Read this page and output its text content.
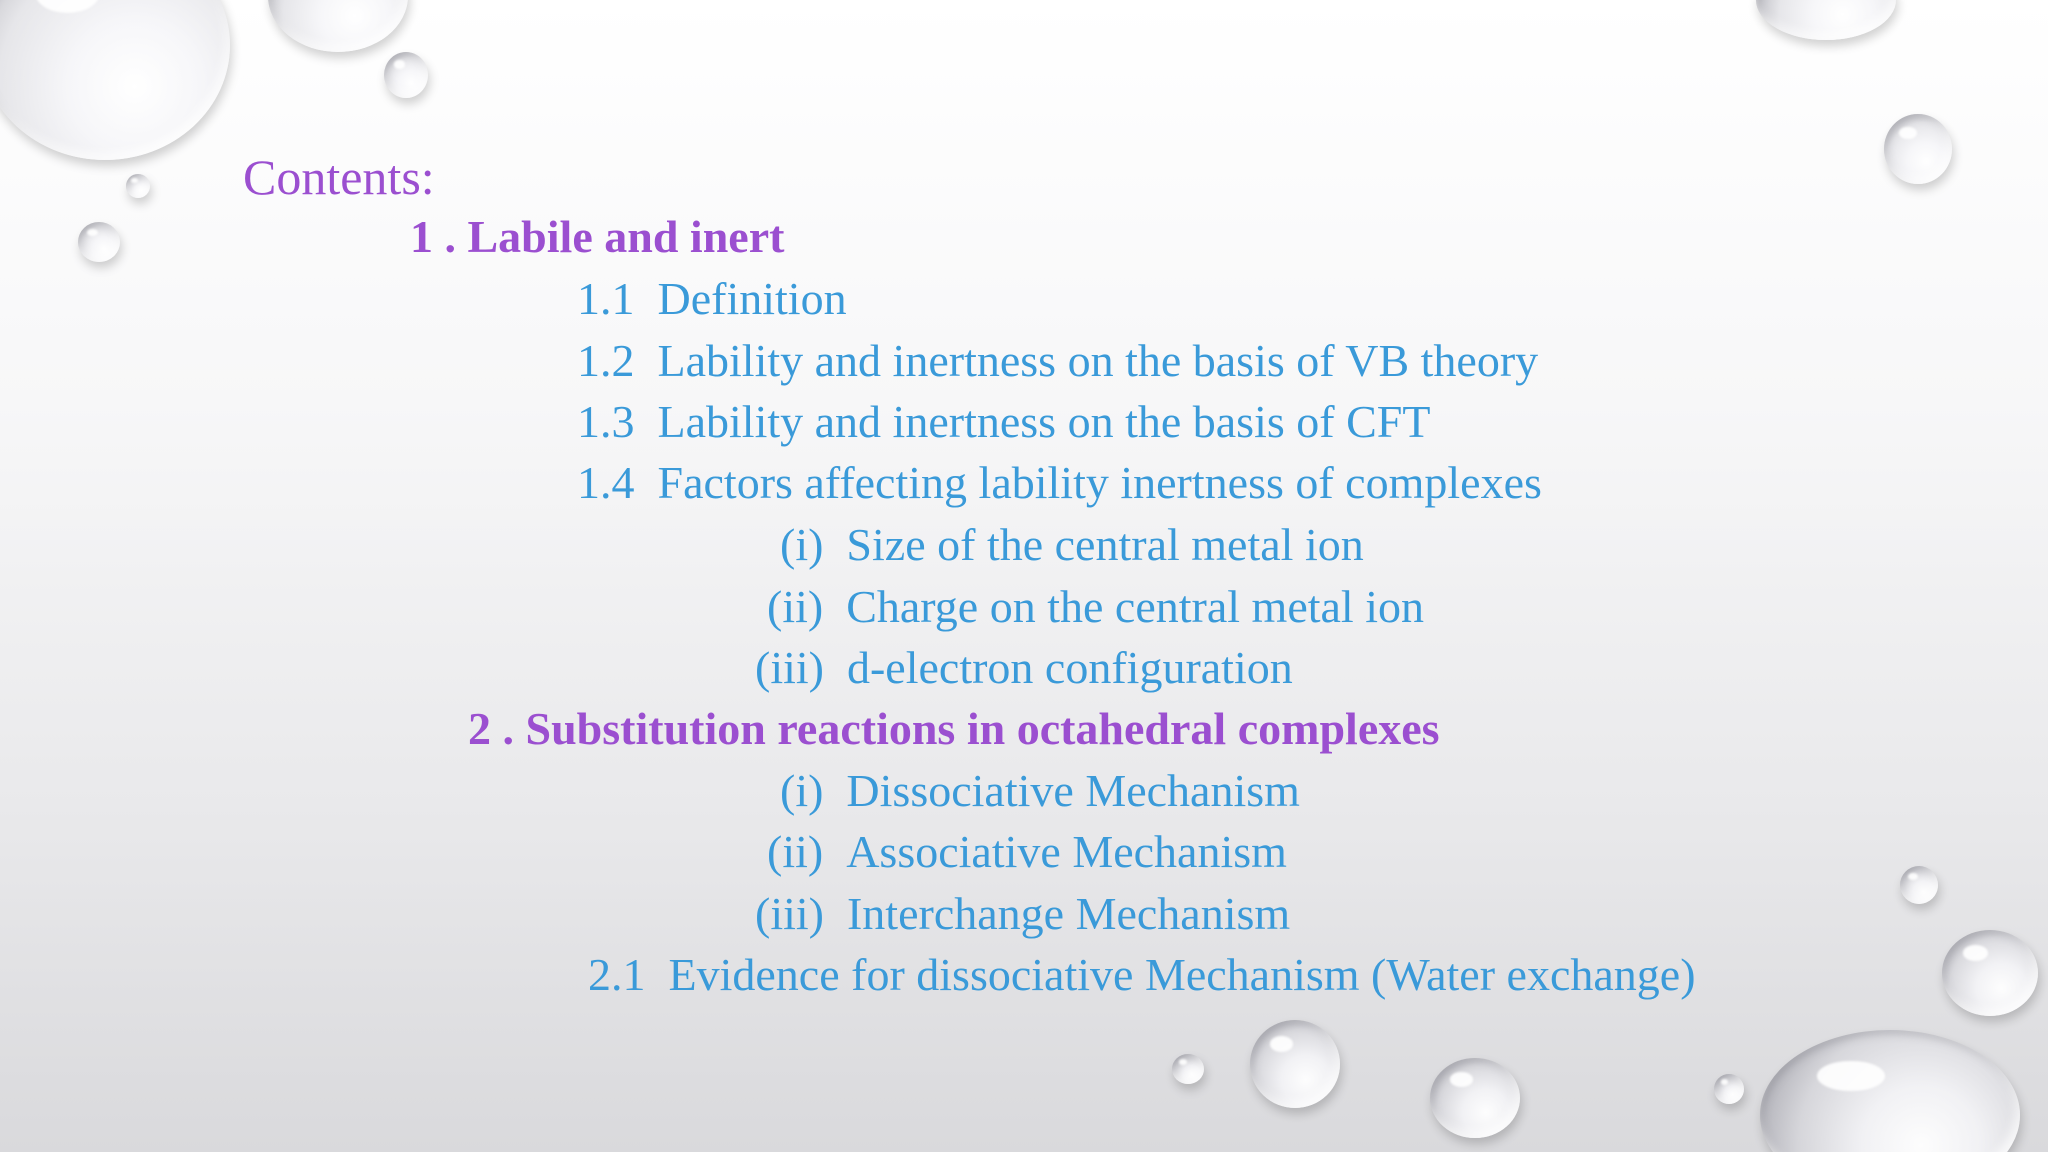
Contents:
1 . Labile and inert
1.1 Definition
1.2 Lability and inertness on the basis of VB theory
1.3 Lability and inertness on the basis of CFT
1.4 Factors affecting lability inertness of complexes
(i) Size of the central metal ion
(ii) Charge on the central metal ion
(iii) d-electron configuration
2 . Substitution reactions in octahedral complexes
(i) Dissociative Mechanism
(ii) Associative Mechanism
(iii) Interchange Mechanism
2.1 Evidence for dissociative Mechanism (Water exchange)
